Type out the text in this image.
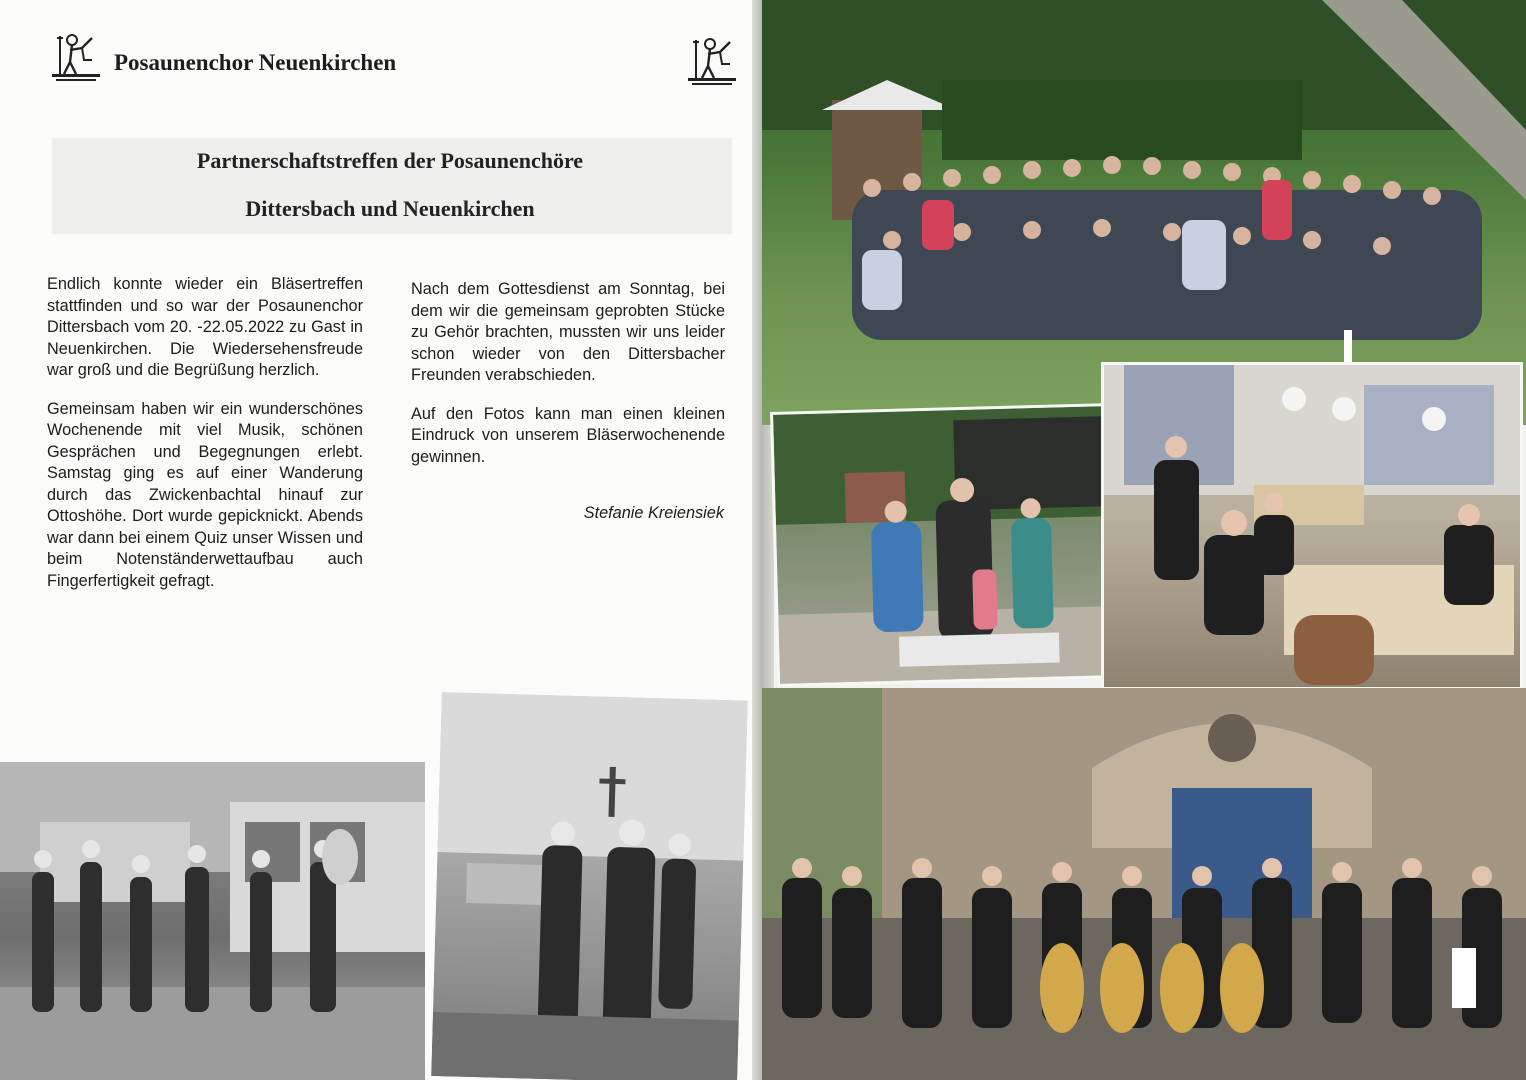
Posaunenchor Neuenkirchen
Partnerschaftstreffen der Posaunenchöre
Dittersbach und Neuenkirchen

Endlich konnte wieder ein Bläsertreffen stattfinden und so war der Posaunenchor Dittersbach vom 20. -22.05.2022 zu Gast in Neuenkirchen. Die Wiedersehensfreude war groß und die Begrüßung herzlich.

Gemeinsam haben wir ein wunderschönes Wochenende mit viel Musik, schönen Gesprächen und Begegnungen erlebt. Samstag ging es auf einer Wanderung durch das Zwickenbachtal hinauf zur Ottoshöhe. Dort wurde gepicknickt. Abends war dann bei einem Quiz unser Wissen und beim Notenständerwettaufbau auch Fingerfertigkeit gefragt.

Nach dem Gottesdienst am Sonntag, bei dem wir die gemeinsam geprobten Stücke zu Gehör brachten, mussten wir uns leider schon wieder von den Dittersbacher Freunden verabschieden.

Auf den Fotos kann man einen kleinen Eindruck von unserem Bläserwochenende gewinnen.

Stefanie Kreiensiek
